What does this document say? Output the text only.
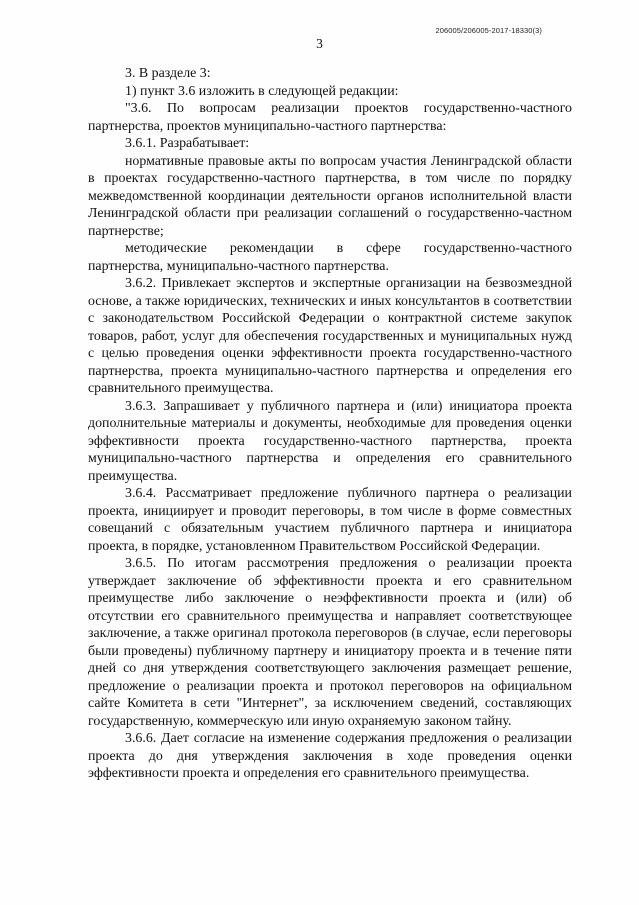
206005/206005-2017-18330(3)
3

3. В разделе 3:

1) пункт 3.6 изложить в следующей редакции:

"3.6. По вопросам реализации проектов государственно-частного партнерства, проектов муниципально-частного партнерства:

3.6.1. Разрабатывает:

нормативные правовые акты по вопросам участия Ленинградской области в проектах государственно-частного партнерства, в том числе по порядку межведомственной координации деятельности органов исполнительной власти Ленинградской области при реализации соглашений о государственно-частном партнерстве;

методические рекомендации в сфере государственно-частного партнерства, муниципально-частного партнерства.

3.6.2. Привлекает экспертов и экспертные организации на безвозмездной основе, а также юридических, технических и иных консультантов в соответствии с законодательством Российской Федерации о контрактной системе закупок товаров, работ, услуг для обеспечения государственных и муниципальных нужд с целью проведения оценки эффективности проекта государственно-частного партнерства, проекта муниципально-частного партнерства и определения его сравнительного преимущества.

3.6.3. Запрашивает у публичного партнера и (или) инициатора проекта дополнительные материалы и документы, необходимые для проведения оценки эффективности проекта государственно-частного партнерства, проекта муниципально-частного партнерства и определения его сравнительного преимущества.

3.6.4. Рассматривает предложение публичного партнера о реализации проекта, инициирует и проводит переговоры, в том числе в форме совместных совещаний с обязательным участием публичного партнера и инициатора проекта, в порядке, установленном Правительством Российской Федерации.

3.6.5. По итогам рассмотрения предложения о реализации проекта утверждает заключение об эффективности проекта и его сравнительном преимуществе либо заключение о неэффективности проекта и (или) об отсутствии его сравнительного преимущества и направляет соответствующее заключение, а также оригинал протокола переговоров (в случае, если переговоры были проведены) публичному партнеру и инициатору проекта и в течение пяти дней со дня утверждения соответствующего заключения размещает решение, предложение о реализации проекта и протокол переговоров на официальном сайте Комитета в сети "Интернет", за исключением сведений, составляющих государственную, коммерческую или иную охраняемую законом тайну.

3.6.6. Дает согласие на изменение содержания предложения о реализации проекта до дня утверждения заключения в ходе проведения оценки эффективности проекта и определения его сравнительного преимущества.
